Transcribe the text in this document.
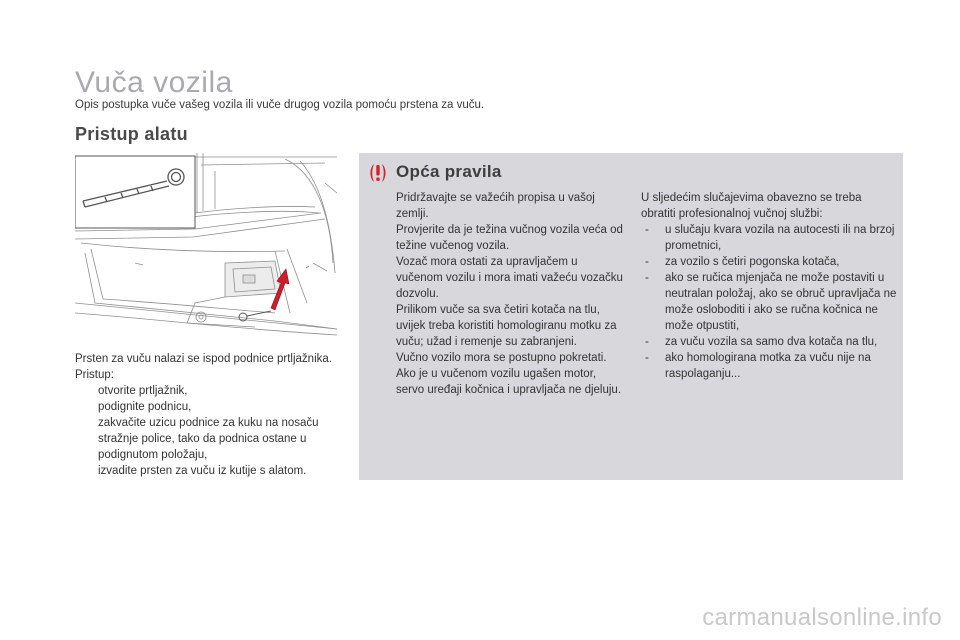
Vuča vozila

Opis postupka vuče vašeg vozila ili vuče drugog vozila pomoću prstena za vuču.

Pristup alatu

Prsten za vuču nalazi se ispod podnice prtljažnika.

Pristup:

otvorite prtljažnik,
podignite podnicu,
zakvačite uzicu podnice za kuku na nosaču stražnje police, tako da podnica ostane u podignutom položaju,
izvadite prsten za vuču iz kutije s alatom.
Opća pravila

Pridržavajte se važećih propisa u vašoj zemlji.

Provjerite da je težina vučnog vozila veća od težine vučenog vozila.

Vozač mora ostati za upravljačem u vučenom vozilu i mora imati važeću vozačku dozvolu.

Prilikom vuče sa sva četiri kotača na tlu, uvijek treba koristiti homologiranu motku za vuču; užad i remenje su zabranjeni.

Vučno vozilo mora se postupno pokretati.

Ako je u vučenom vozilu ugašen motor, servo uređaji kočnica i upravljača ne djeluju.

U sljedećim slučajevima obavezno se treba obratiti profesionalnoj vučnoj službi:

- u slučaju kvara vozila na autocesti ili na brzoj prometnici,
- za vozilo s četiri pogonska kotača,
- ako se ručica mjenjača ne može postaviti u neutralan položaj, ako se obruč upravljača ne može osloboditi i ako se ručna kočnica ne može otpustiti,
- za vuču vozila sa samo dva kotača na tlu,
- ako homologirana motka za vuču nije na raspolaganju...
carmanualsonline.info
